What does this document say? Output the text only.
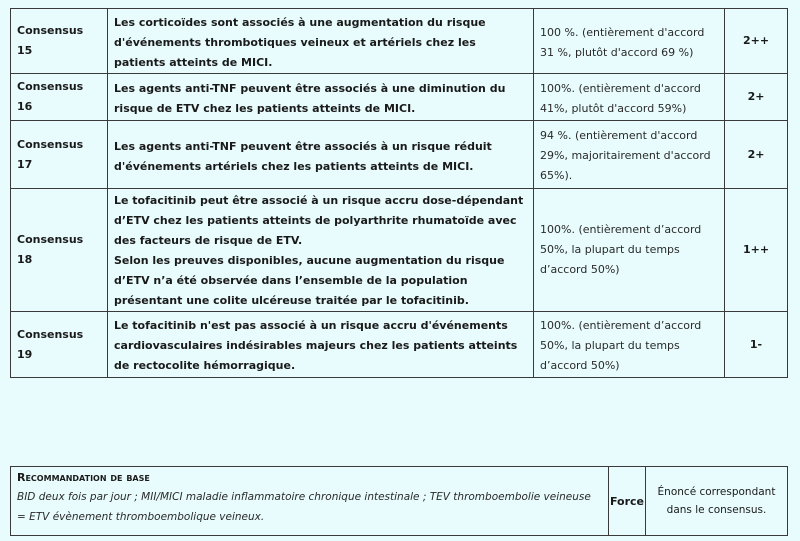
Consensus 15	Les corticoïdes sont associés à une augmentation du risque d'événements thrombotiques veineux et artériels chez les patients atteints de MICI.	100 %. (entièrement d'accord 31 %, plutôt d'accord 69 %)	2++
Consensus 16	Les agents anti-TNF peuvent être associés à une diminution du risque de ETV chez les patients atteints de MICI.	100%. (entièrement d'accord 41%, plutôt d'accord 59%)	2+
Consensus 17	Les agents anti-TNF peuvent être associés à un risque réduit d'événements artériels chez les patients atteints de MICI.	94 %. (entièrement d'accord 29%, majoritairement d'accord 65%).	2+
Consensus 18	Le tofacitinib peut être associé à un risque accru dose-dépendant d’ETV chez les patients atteints de polyarthrite rhumatoïde avec des facteurs de risque de ETV.
Selon les preuves disponibles, aucune augmentation du risque d’ETV n’a été observée dans l’ensemble de la population présentant une colite ulcéreuse traitée par le tofacitinib.	100%. (entièrement d’accord 50%, la plupart du temps d’accord 50%)	1++
Consensus 19	Le tofacitinib n'est pas associé à un risque accru d'événements cardiovasculaires indésirables majeurs chez les patients atteints de rectocolite hémorragique.	100%. (entièrement d’accord 50%, la plupart du temps d’accord 50%)	1-
Recommandation de base
BID deux fois par jour ; MII/MICI maladie inflammatoire chronique intestinale ; TEV thromboembolie veineuse = ETV évènement thromboembolique veineux.
Force
Énoncé correspondant dans le consensus.
